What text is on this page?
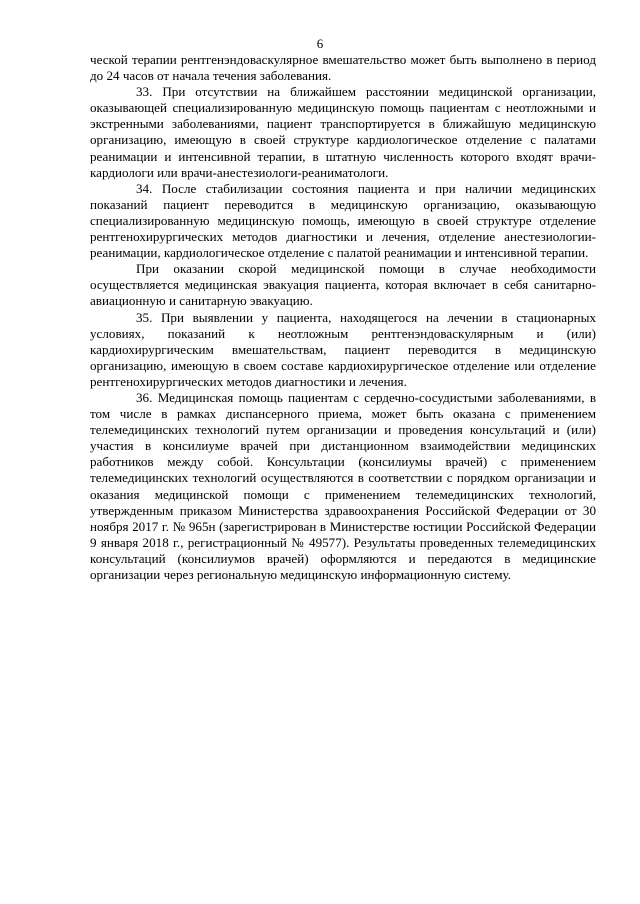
6

ческой терапии рентгенэндоваскулярное вмешательство может быть выполнено в период до 24 часов от начала течения заболевания.

33. При отсутствии на ближайшем расстоянии медицинской организации, оказывающей специализированную медицинскую помощь пациентам с неотложными и экстренными заболеваниями, пациент транспортируется в ближайшую медицинскую организацию, имеющую в своей структуре кардиологическое отделение с палатами реанимации и интенсивной терапии, в штатную численность которого входят врачи-кардиологи или врачи-анестезиологи-реаниматологи.

34. После стабилизации состояния пациента и при наличии медицинских показаний пациент переводится в медицинскую организацию, оказывающую специализированную медицинскую помощь, имеющую в своей структуре отделение рентгенохирургических методов диагностики и лечения, отделение анестезиологии-реанимации, кардиологическое отделение с палатой реанимации и интенсивной терапии.

При оказании скорой медицинской помощи в случае необходимости осуществляется медицинская эвакуация пациента, которая включает в себя санитарно-авиационную и санитарную эвакуацию.

35. При выявлении у пациента, находящегося на лечении в стационарных условиях, показаний к неотложным рентгенэндоваскулярным и (или) кардиохирургическим вмешательствам, пациент переводится в медицинскую организацию, имеющую в своем составе кардиохирургическое отделение или отделение рентгенохирургических методов диагностики и лечения.

36. Медицинская помощь пациентам с сердечно-сосудистыми заболеваниями, в том числе в рамках диспансерного приема, может быть оказана с применением телемедицинских технологий путем организации и проведения консультаций и (или) участия в консилиуме врачей при дистанционном взаимодействии медицинских работников между собой. Консультации (консилиумы врачей) с применением телемедицинских технологий осуществляются в соответствии с порядком организации и оказания медицинской помощи с применением телемедицинских технологий, утвержденным приказом Министерства здравоохранения Российской Федерации от 30 ноября 2017 г. № 965н (зарегистрирован в Министерстве юстиции Российской Федерации 9 января 2018 г., регистрационный № 49577). Результаты проведенных телемедицинских консультаций (консилиумов врачей) оформляются и передаются в медицинские организации через региональную медицинскую информационную систему.
